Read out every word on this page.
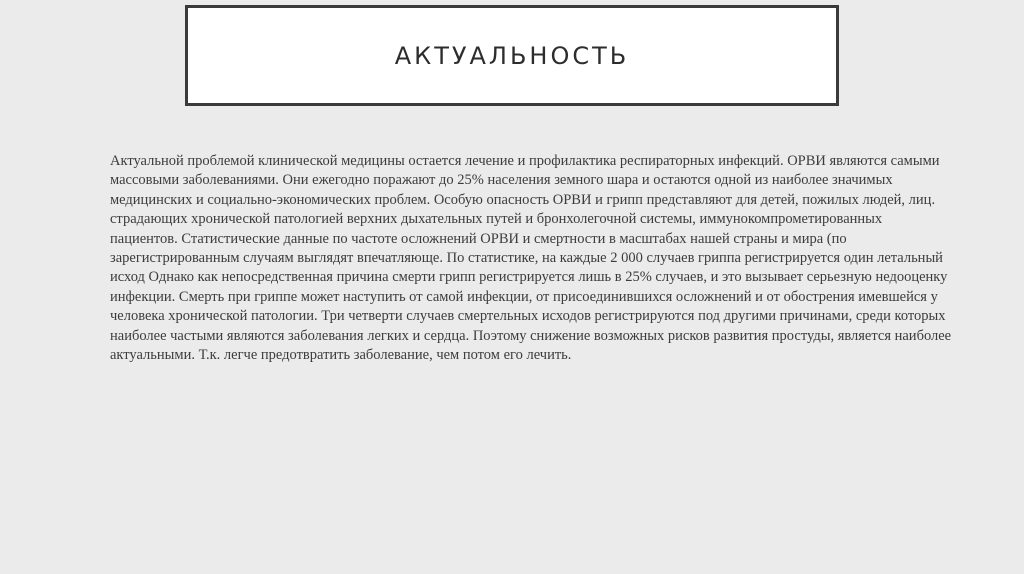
АКТУАЛЬНОСТЬ

Актуальной проблемой клинической медицины остается лечение и профилактика респираторных инфекций. ОРВИ являются самыми массовыми заболеваниями. Они ежегодно поражают до 25% населения земного шара и остаются одной из наиболее значимых медицинских и социально-экономических проблем. Особую опасность ОРВИ и грипп представляют для детей, пожилых людей, лиц. страдающих хронической патологией верхних дыхательных путей и бронхолегочной системы, иммунокомпрометированных пациентов. Статистические данные по частоте осложнений ОРВИ и смертности в масштабах нашей страны и мира (по зарегистрированным случаям выглядят впечатляюще. По статистике, на каждые 2 000 случаев гриппа регистрируется один летальный исход Однако как непосредственная причина смерти грипп регистрируется лишь в 25% случаев, и это вызывает серьезную недооценку инфекции. Смерть при гриппе может наступить от самой инфекции, от присоединившихся осложнений и от обострения имевшейся у человека хронической патологии. Три четверти случаев смертельных исходов регистрируются под другими причинами, среди которых наиболее частыми являются заболевания легких и сердца. Поэтому снижение возможных рисков развития простуды, является наиболее актуальными. Т.к. легче предотвратить заболевание, чем потом его лечить.
